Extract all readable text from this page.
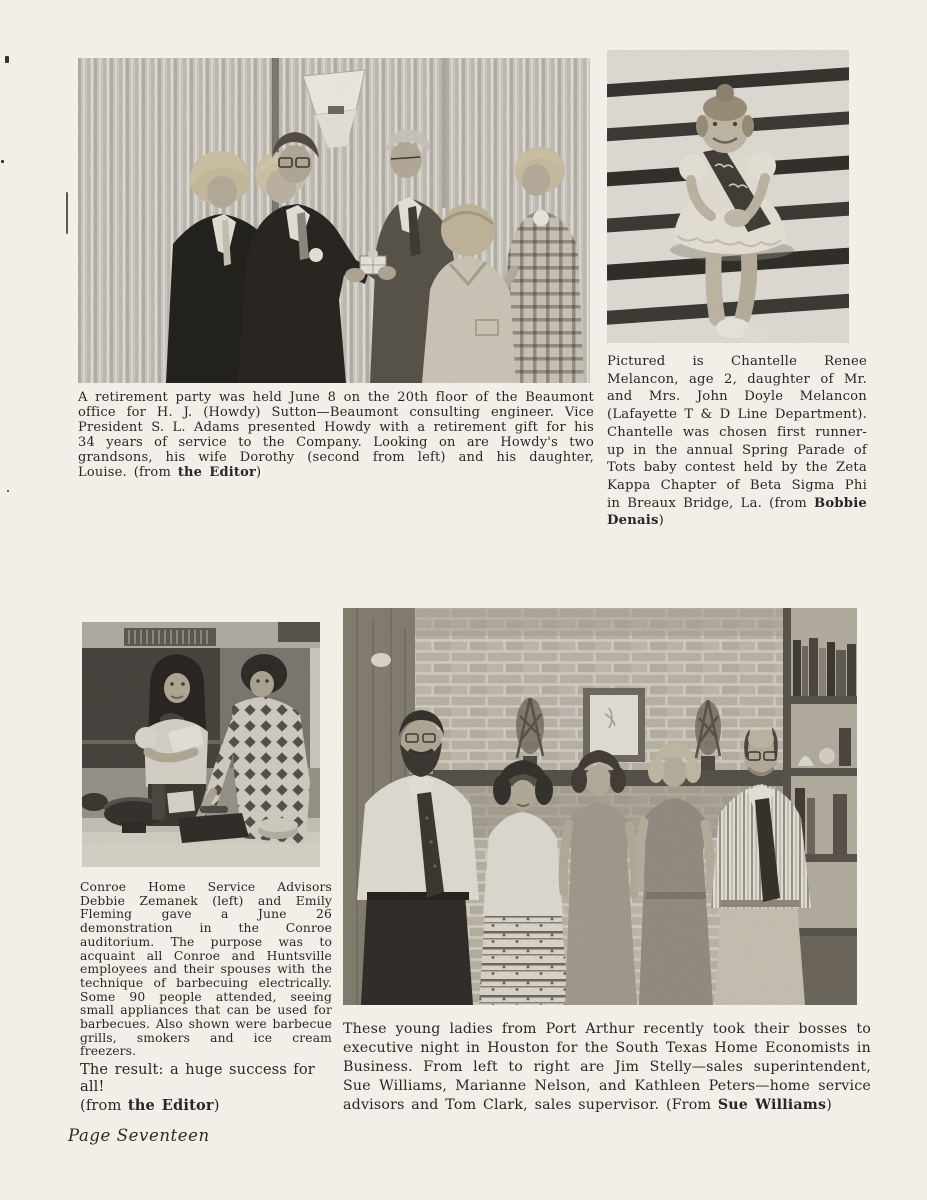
A retirement party was held June 8 on the 20th floor of the Beaumont office for H. J. (Howdy) Sutton—Beaumont consulting engineer. Vice President S. L. Adams presented Howdy with a retirement gift for his 34 years of service to the Company. Looking on are Howdy's two grandsons, his wife Dorothy (second from left) and his daughter, Louise. (from the Editor)

Pictured is Chantelle Renee Melancon, age 2, daughter of Mr. and Mrs. John Doyle Melancon (Lafayette T & D Line Department). Chantelle was chosen first runner-up in the annual Spring Parade of Tots baby contest held by the Zeta Kappa Chapter of Beta Sigma Phi in Breaux Bridge, La. (from Bobbie Denais)

Conroe Home Service Advisors Debbie Zemanek (left) and Emily Fleming gave a June 26 demonstration in the Conroe auditorium. The purpose was to acquaint all Conroe and Huntsville employees and their spouses with the technique of barbecuing electrically. Some 90 people attended, seeing small appliances that can be used for barbecues. Also shown were barbecue grills, smokers and ice cream freezers.
The result: a huge success for all!
(from the Editor)

These young ladies from Port Arthur recently took their bosses to executive night in Houston for the South Texas Home Economists in Business. From left to right are Jim Stelly—sales superintendent, Sue Williams, Marianne Nelson, and Kathleen Peters—home service advisors and Tom Clark, sales supervisor. (From Sue Williams)

Page Seventeen
